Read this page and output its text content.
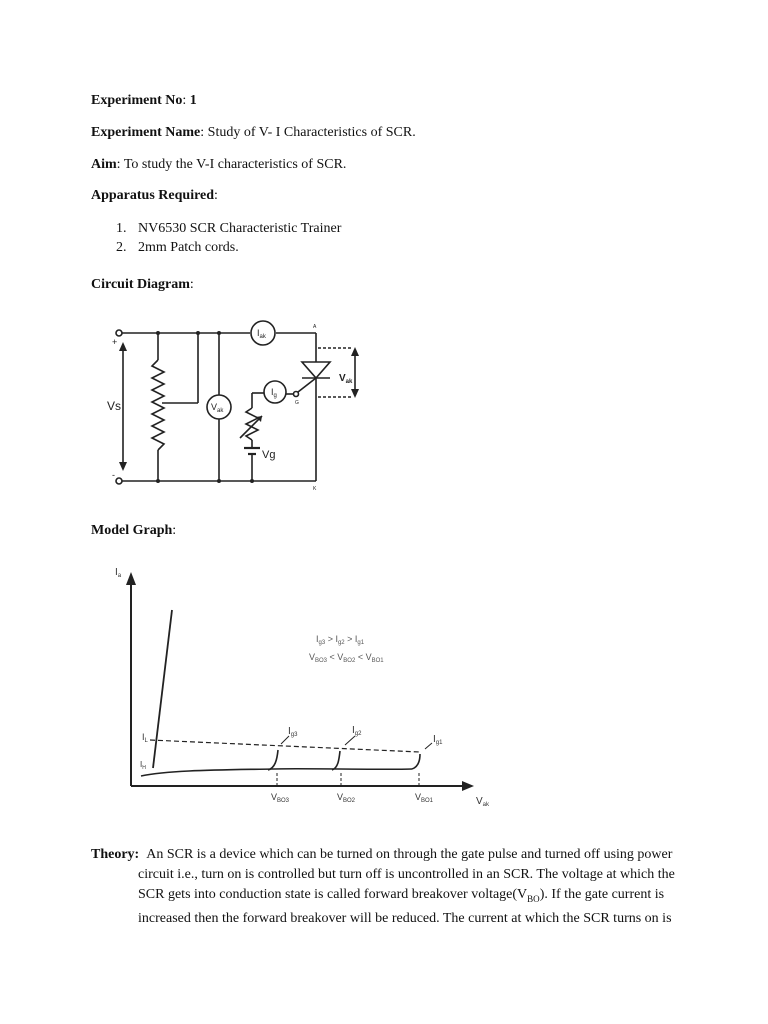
Experiment No: 1
Experiment Name: Study of V- I Characteristics of SCR.
Aim: To study the V-I characteristics of SCR.
Apparatus Required:
1. NV6530 SCR Characteristic Trainer
2. 2mm Patch cords.
Circuit Diagram:
Vs
+
-
$I_{ak}$
$V_{ak}$
$I_g$
Vg
$V_{ak}$
A
G
K
Model Graph:
$I_a$
$V_{ak}$
$I_{g3} > I_{g2} > I_{g1}$
$V_{BO3} < V_{BO2} < V_{BO1}$
$I_{g3}$	$I_{g2}$	$I_{g1}$
$V_{BO3}$	$V_{BO2}$	$V_{BO1}$
$I_L$
$I_H$
Theory: An SCR is a device which can be turned on through the gate pulse and turned off using power
circuit i.e., turn on is controlled but turn off is uncontrolled in an SCR. The voltage at which the
SCR gets into conduction state is called forward breakover $voltage(V_{BO})$. If the gate current is
increased then the forward breakover will be reduced. The current at which the SCR turns on is
